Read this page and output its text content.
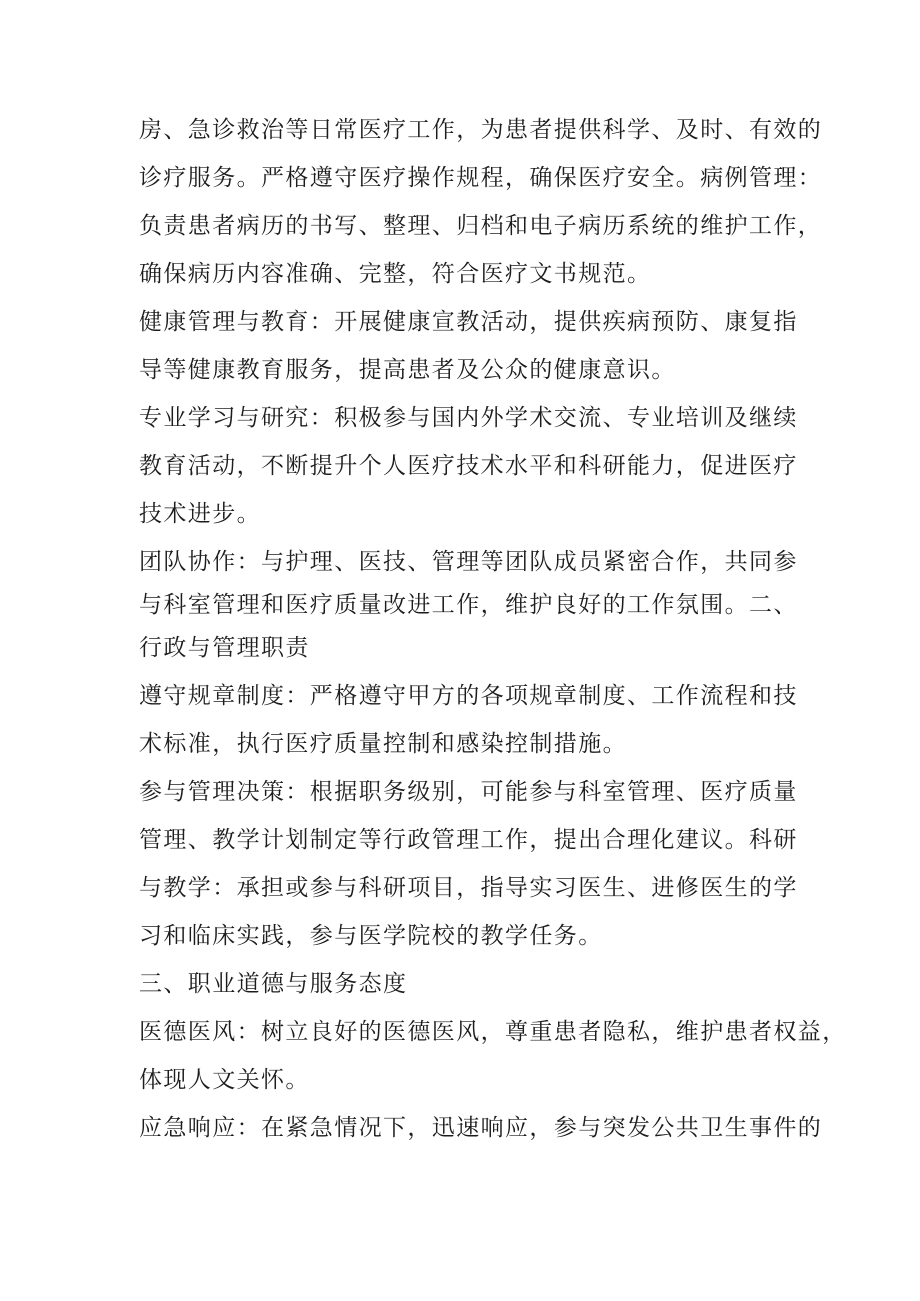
房、急诊救治等日常医疗工作，为患者提供科学、及时、有效的
诊疗服务。严格遵守医疗操作规程，确保医疗安全。病例管理：
负责患者病历的书写、整理、归档和电子病历系统的维护工作，
确保病历内容准确、完整，符合医疗文书规范。
健康管理与教育：开展健康宣教活动，提供疾病预防、康复指
导等健康教育服务，提高患者及公众的健康意识。
专业学习与研究：积极参与国内外学术交流、专业培训及继续
教育活动，不断提升个人医疗技术水平和科研能力，促进医疗
技术进步。
团队协作：与护理、医技、管理等团队成员紧密合作，共同参
与科室管理和医疗质量改进工作，维护良好的工作氛围。二、
行政与管理职责
遵守规章制度：严格遵守甲方的各项规章制度、工作流程和技
术标准，执行医疗质量控制和感染控制措施。
参与管理决策：根据职务级别，可能参与科室管理、医疗质量
管理、教学计划制定等行政管理工作，提出合理化建议。科研
与教学：承担或参与科研项目，指导实习医生、进修医生的学
习和临床实践，参与医学院校的教学任务。
三、职业道德与服务态度
医德医风：树立良好的医德医风，尊重患者隐私，维护患者权益，
体现人文关怀。
应急响应：在紧急情况下，迅速响应，参与突发公共卫生事件的
